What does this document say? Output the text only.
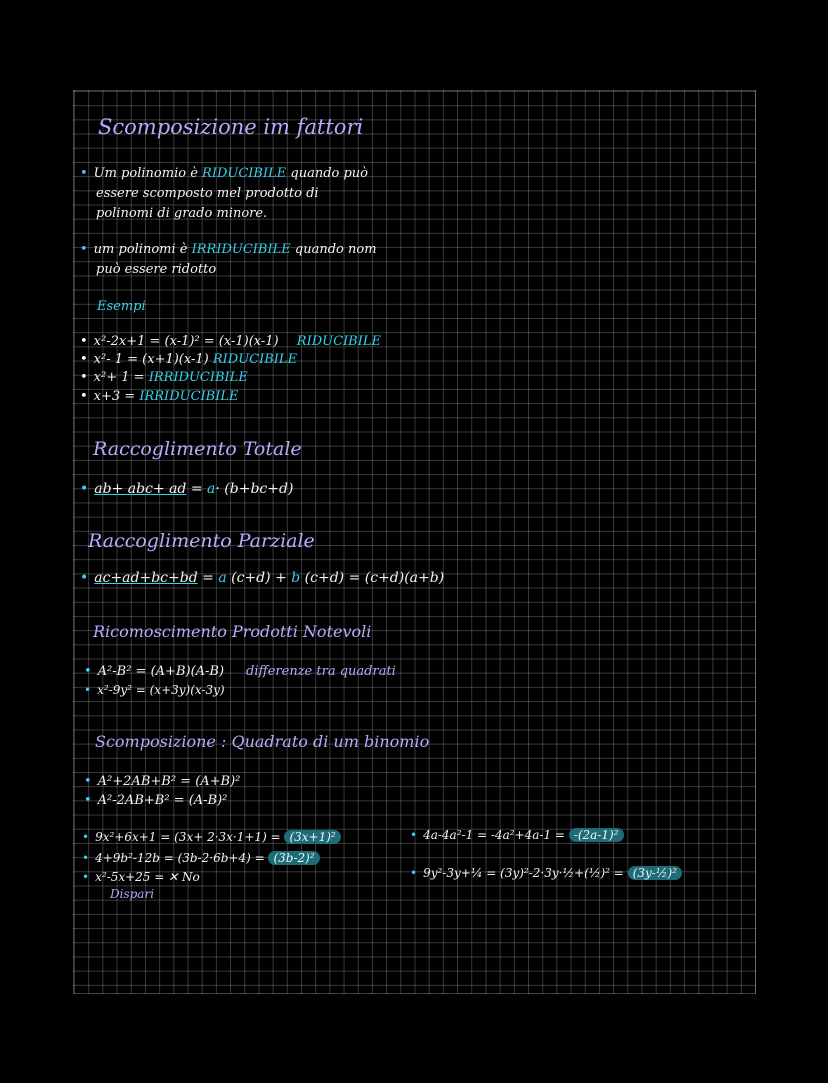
Scomposizione im fattori
• Um polinomio è RIDUCIBILE quando può
essere scomposto mel prodotto di
polinomi di grado minore.
• um polinomi è IRRIDUCIBILE quando nom
può essere ridotto
Esempi
• x²-2x+1 = (x-1)² = (x-1)(x-1) RIDUCIBILE
• x²- 1 = (x+1)(x-1) RIDUCIBILE
• x²+ 1 = IRRIDUCIBILE
• x+3 = IRRIDUCIBILE
Raccoglimento Totale
• ab+ abc+ ad = a· (b+bc+d)
Raccoglimento Parziale
• ac+ad+bc+bd = a (c+d) + b (c+d) = (c+d)(a+b)
Ricomoscimento Prodotti Notevoli
• A²-B² = (A+B)(A-B) differenze tra quadrati
• x²-9y² = (x+3y)(x-3y)
Scomposizione : Quadrato di um binomio
• A²+2AB+B² = (A+B)²
• A²-2AB+B² = (A-B)²
• 9x²+6x+1 = (3x+ 2·3x·1+1) = (3x+1)²
• 4+9b²-12b = (3b-2·6b+4) = (3b-2)²
• x²-5x+25 = ✕ No
Dispari
• 4a-4a²-1 = -4a²+4a-1 = -(2a-1)²
• 9y²-3y+¼ = (3y)²-2·3y·½+(½)² = (3y-½)²
